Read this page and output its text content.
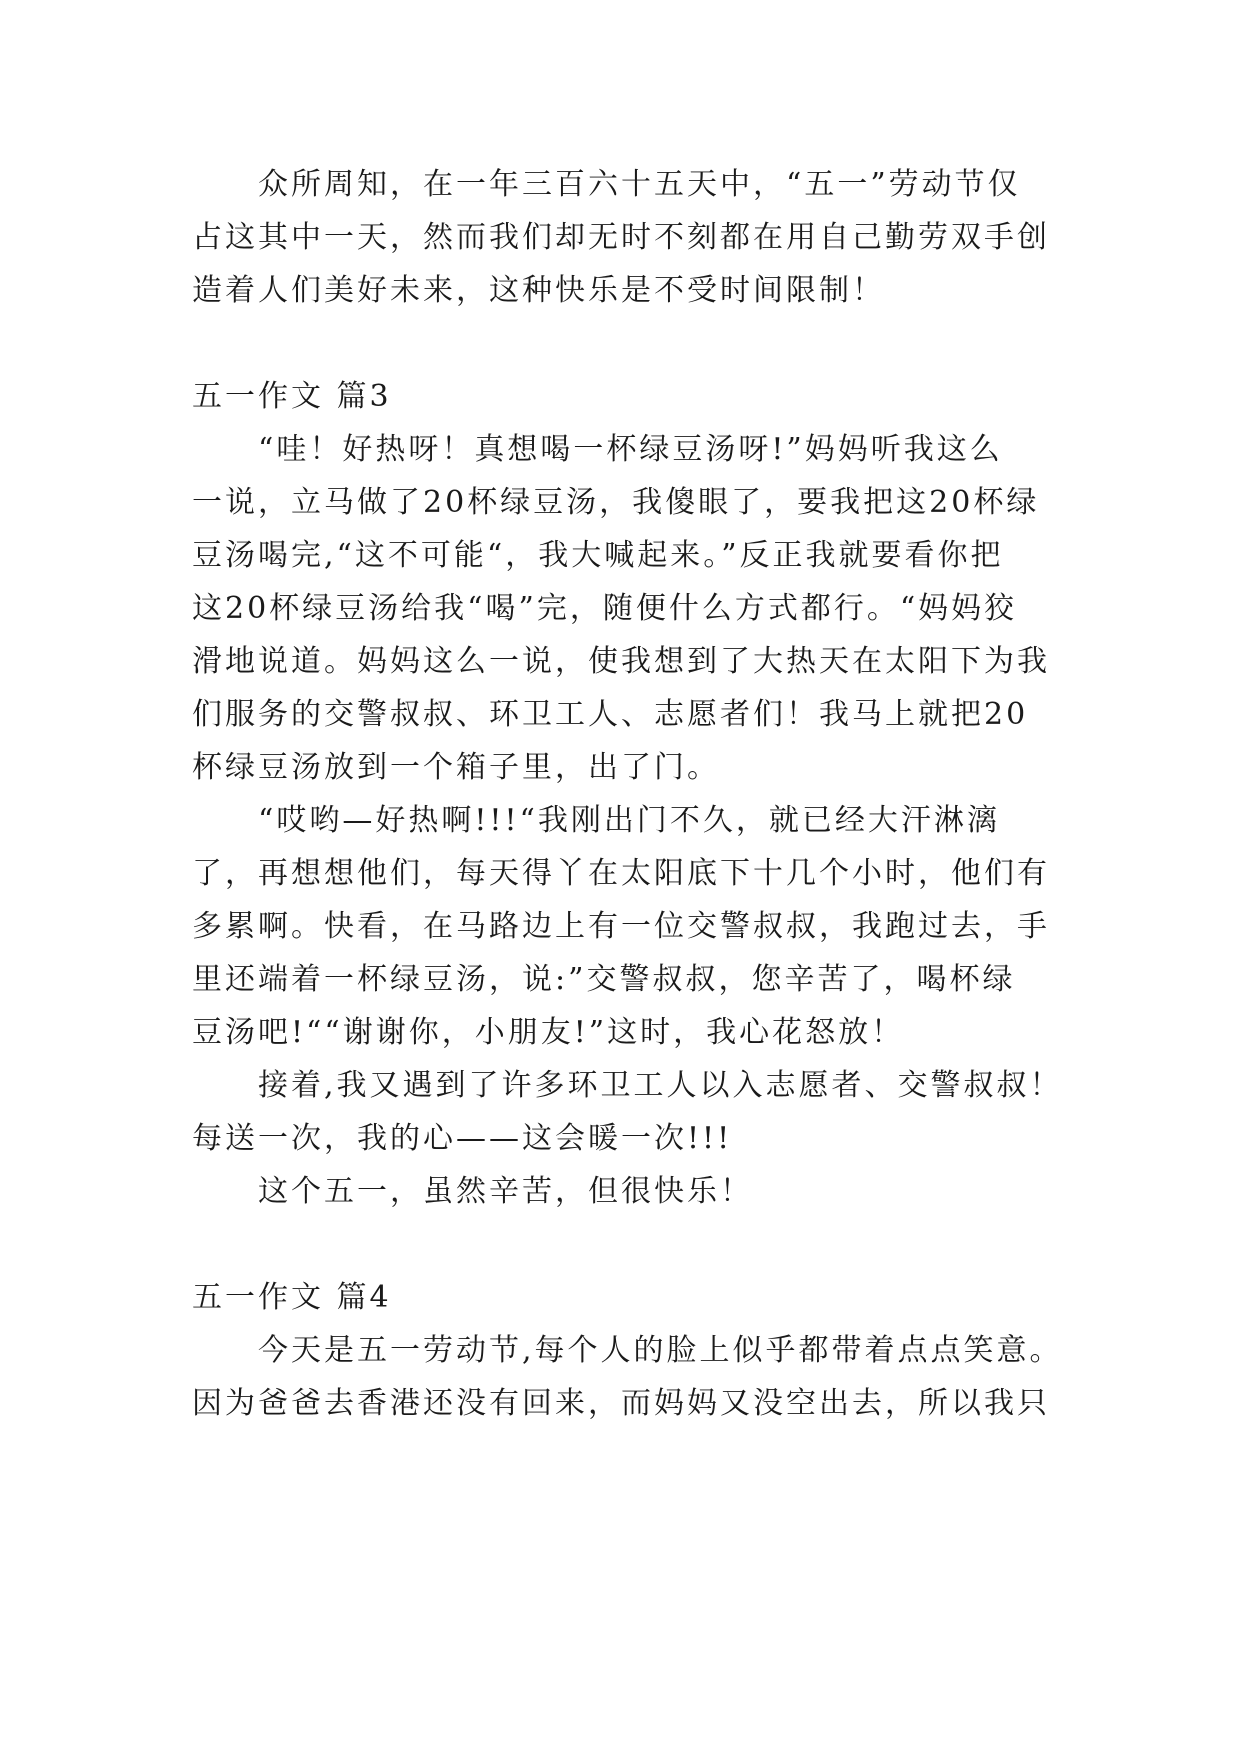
众所周知，在一年三百六十五天中，“五一”劳动节仅
占这其中一天，然而我们却无时不刻都在用自己勤劳双手创
造着人们美好未来，这种快乐是不受时间限制！
五一作文 篇3
“哇！好热呀！真想喝一杯绿豆汤呀!”妈妈听我这么
一说，立马做了20杯绿豆汤，我傻眼了，要我把这20杯绿
豆汤喝完,“这不可能“，我大喊起来。”反正我就要看你把
这20杯绿豆汤给我“喝”完，随便什么方式都行。“妈妈狡
滑地说道。妈妈这么一说，使我想到了大热天在太阳下为我
们服务的交警叔叔、环卫工人、志愿者们！我马上就把20
杯绿豆汤放到一个箱子里，出了门。
“哎哟—好热啊!!!“我刚出门不久，就已经大汗淋漓
了，再想想他们，每天得丫在太阳底下十几个小时，他们有
多累啊。快看，在马路边上有一位交警叔叔，我跑过去，手
里还端着一杯绿豆汤，说:”交警叔叔，您辛苦了，喝杯绿
豆汤吧!““谢谢你，小朋友!”这时，我心花怒放！
接着,我又遇到了许多环卫工人以入志愿者、交警叔叔！
每送一次，我的心——这会暖一次!!!
这个五一，虽然辛苦，但很快乐！
五一作文 篇4
今天是五一劳动节,每个人的脸上似乎都带着点点笑意。
因为爸爸去香港还没有回来，而妈妈又没空出去，所以我只
